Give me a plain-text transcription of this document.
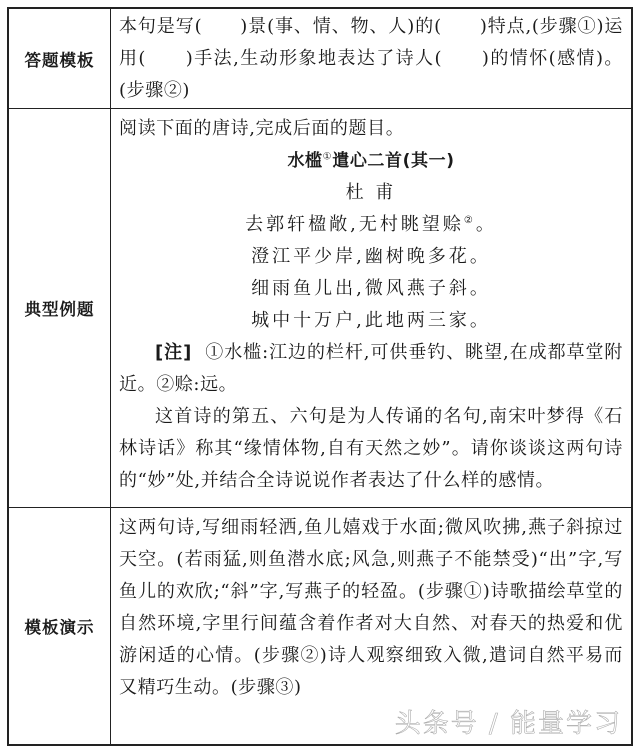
答题模板
本句是写(　　)景(事、情、物、人)的(　　)特点,(步骤①)运用(　　)手法,生动形象地表达了诗人(　　)的情怀(感情)。(步骤②)
典型例题
阅读下面的唐诗,完成后面的题目。
水槛①遣心二首(其一)
杜 甫
去郭轩楹敞,无村眺望赊②。
澄江平少岸,幽树晚多花。
细雨鱼儿出,微风燕子斜。
城中十万户,此地两三家。
[注] ①水槛:江边的栏杆,可供垂钓、眺望,在成都草堂附近。②赊:远。
这首诗的第五、六句是为人传诵的名句,南宋叶梦得《石林诗话》称其“缘情体物,自有天然之妙”。请你谈谈这两句诗的“妙”处,并结合全诗说说作者表达了什么样的感情。
模板演示
这两句诗,写细雨轻洒,鱼儿嬉戏于水面;微风吹拂,燕子斜掠过天空。(若雨猛,则鱼潜水底;风急,则燕子不能禁受)“出”字,写鱼儿的欢欣;“斜”字,写燕子的轻盈。(步骤①)诗歌描绘草堂的自然环境,字里行间蕴含着作者对大自然、对春天的热爱和优游闲适的心情。(步骤②)诗人观察细致入微,遣词自然平易而又精巧生动。(步骤③)
头条号 / 能量学习
